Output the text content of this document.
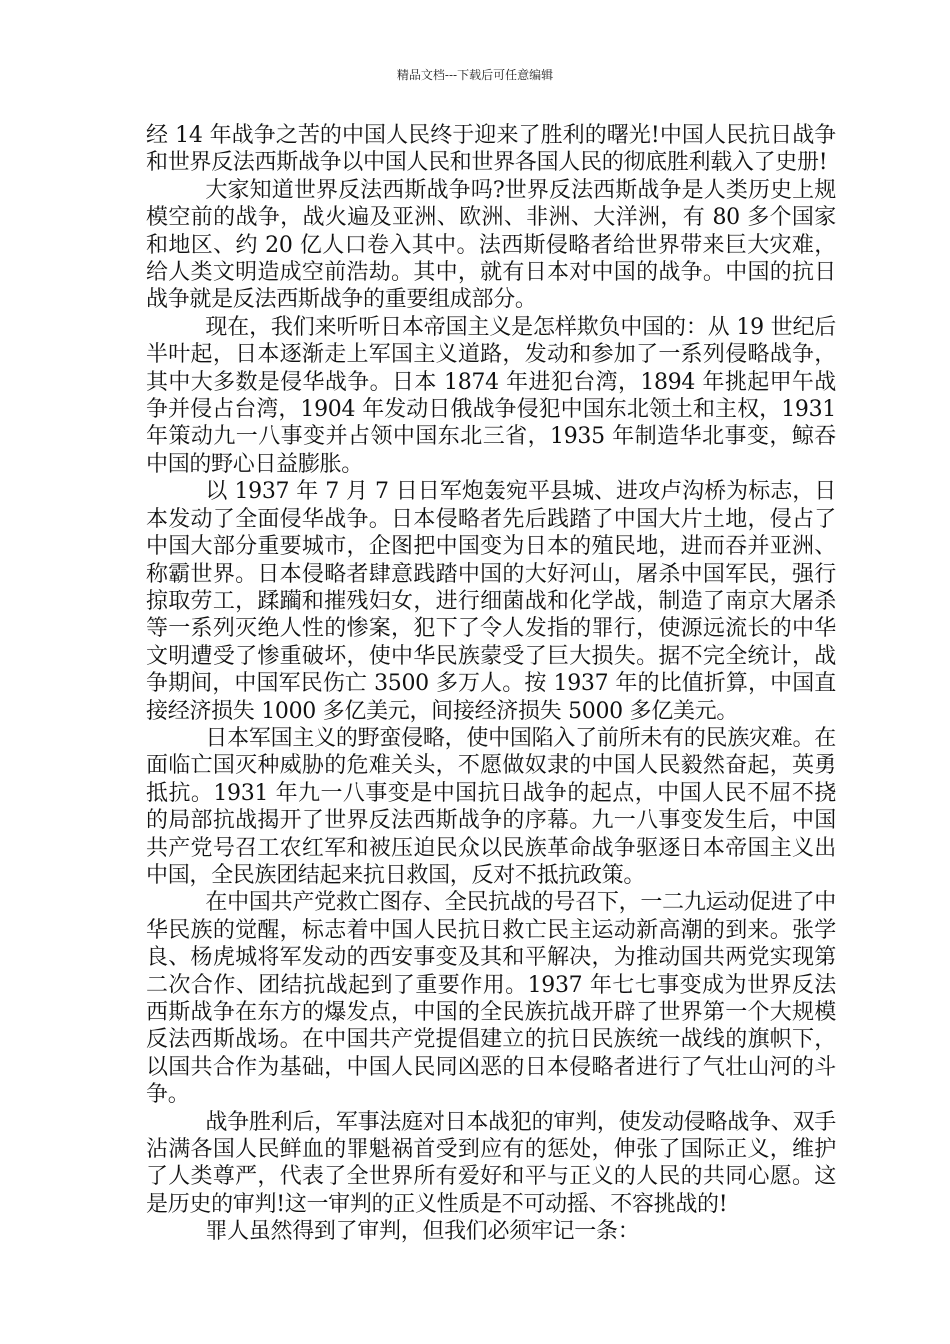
精品文档---下载后可任意编辑

经 14 年战争之苦的中国人民终于迎来了胜利的曙光!中国人民抗日战争和世界反法西斯战争以中国人民和世界各国人民的彻底胜利载入了史册!

大家知道世界反法西斯战争吗?世界反法西斯战争是人类历史上规模空前的战争，战火遍及亚洲、欧洲、非洲、大洋洲，有 80 多个国家和地区、约 20 亿人口卷入其中。法西斯侵略者给世界带来巨大灾难，给人类文明造成空前浩劫。其中，就有日本对中国的战争。中国的抗日战争就是反法西斯战争的重要组成部分。

现在，我们来听听日本帝国主义是怎样欺负中国的：从 19 世纪后半叶起，日本逐渐走上军国主义道路，发动和参加了一系列侵略战争，其中大多数是侵华战争。日本 1874 年进犯台湾，1894 年挑起甲午战争并侵占台湾，1904 年发动日俄战争侵犯中国东北领土和主权，1931 年策动九一八事变并占领中国东北三省，1935 年制造华北事变，鲸吞中国的野心日益膨胀。

以 1937 年 7 月 7 日日军炮轰宛平县城、进攻卢沟桥为标志，日本发动了全面侵华战争。日本侵略者先后践踏了中国大片土地，侵占了中国大部分重要城市，企图把中国变为日本的殖民地，进而吞并亚洲、称霸世界。日本侵略者肆意践踏中国的大好河山，屠杀中国军民，强行掠取劳工，蹂躏和摧残妇女，进行细菌战和化学战，制造了南京大屠杀等一系列灭绝人性的惨案，犯下了令人发指的罪行，使源远流长的中华文明遭受了惨重破坏，使中华民族蒙受了巨大损失。据不完全统计，战争期间，中国军民伤亡 3500 多万人。按 1937 年的比值折算，中国直接经济损失 1000 多亿美元，间接经济损失 5000 多亿美元。

日本军国主义的野蛮侵略，使中国陷入了前所未有的民族灾难。在面临亡国灭种威胁的危难关头，不愿做奴隶的中国人民毅然奋起，英勇抵抗。1931 年九一八事变是中国抗日战争的起点，中国人民不屈不挠的局部抗战揭开了世界反法西斯战争的序幕。九一八事变发生后，中国共产党号召工农红军和被压迫民众以民族革命战争驱逐日本帝国主义出中国，全民族团结起来抗日救国，反对不抵抗政策。

在中国共产党救亡图存、全民抗战的号召下，一二九运动促进了中华民族的觉醒，标志着中国人民抗日救亡民主运动新高潮的到来。张学良、杨虎城将军发动的西安事变及其和平解决，为推动国共两党实现第二次合作、团结抗战起到了重要作用。1937 年七七事变成为世界反法西斯战争在东方的爆发点，中国的全民族抗战开辟了世界第一个大规模反法西斯战场。在中国共产党提倡建立的抗日民族统一战线的旗帜下，以国共合作为基础，中国人民同凶恶的日本侵略者进行了气壮山河的斗争。

战争胜利后，军事法庭对日本战犯的审判，使发动侵略战争、双手沾满各国人民鲜血的罪魁祸首受到应有的惩处，伸张了国际正义，维护了人类尊严，代表了全世界所有爱好和平与正义的人民的共同心愿。这是历史的审判!这一审判的正义性质是不可动摇、不容挑战的!

罪人虽然得到了审判，但我们必须牢记一条：
